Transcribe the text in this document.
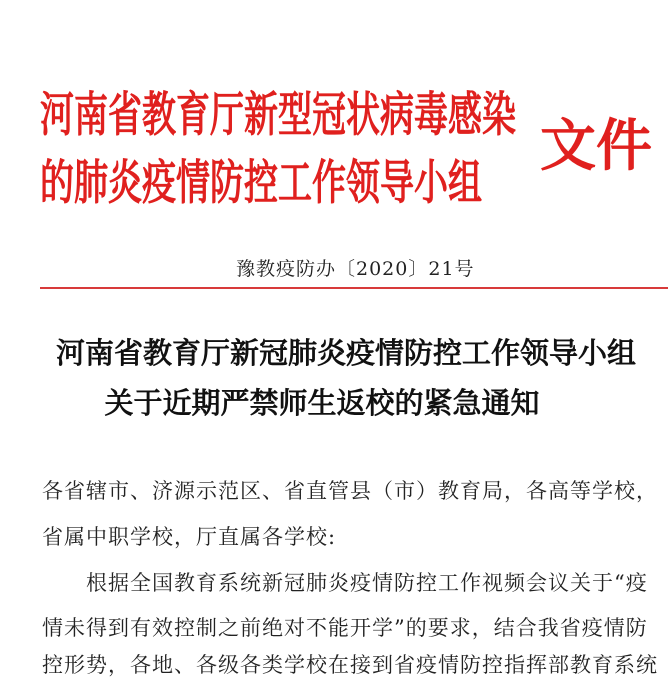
河南省教育厅新型冠状病毒感染
的肺炎疫情防控工作领导小组
文件
豫教疫防办〔2020〕21号
河南省教育厅新冠肺炎疫情防控工作领导小组
关于近期严禁师生返校的紧急通知
各省辖市、济源示范区、省直管县（市）教育局，各高等学校，
省属中职学校，厅直属各学校:
　　根据全国教育系统新冠肺炎疫情防控工作视频会议关于“疫
情未得到有效控制之前绝对不能开学”的要求，结合我省疫情防
控形势，各地、各级各类学校在接到省疫情防控指挥部教育系统
